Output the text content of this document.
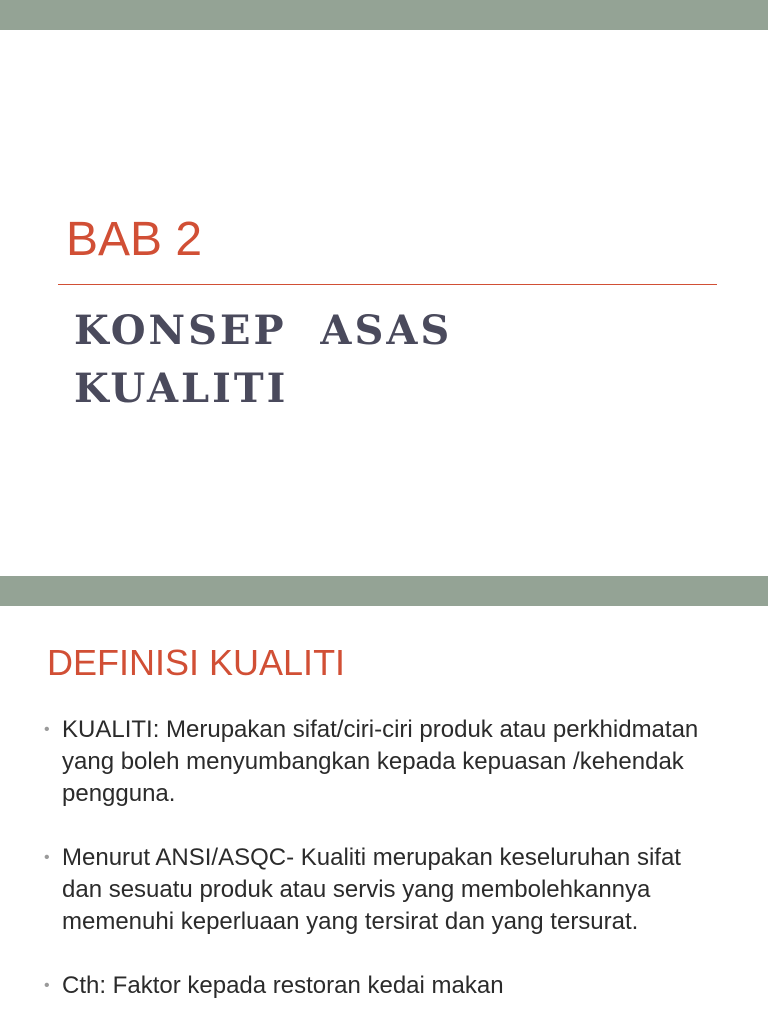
BAB 2
KONSEP  ASAS
KUALITI
DEFINISI KUALITI
• KUALITI: Merupakan sifat/ciri-ciri produk atau perkhidmatan yang boleh menyumbangkan kepada kepuasan /kehendak pengguna.
• Menurut ANSI/ASQC- Kualiti merupakan keseluruhan sifat dan sesuatu produk atau servis yang membolehkannya memenuhi keperluaan yang tersirat dan yang tersurat.
• Cth: Faktor kepada restoran kedai makan
